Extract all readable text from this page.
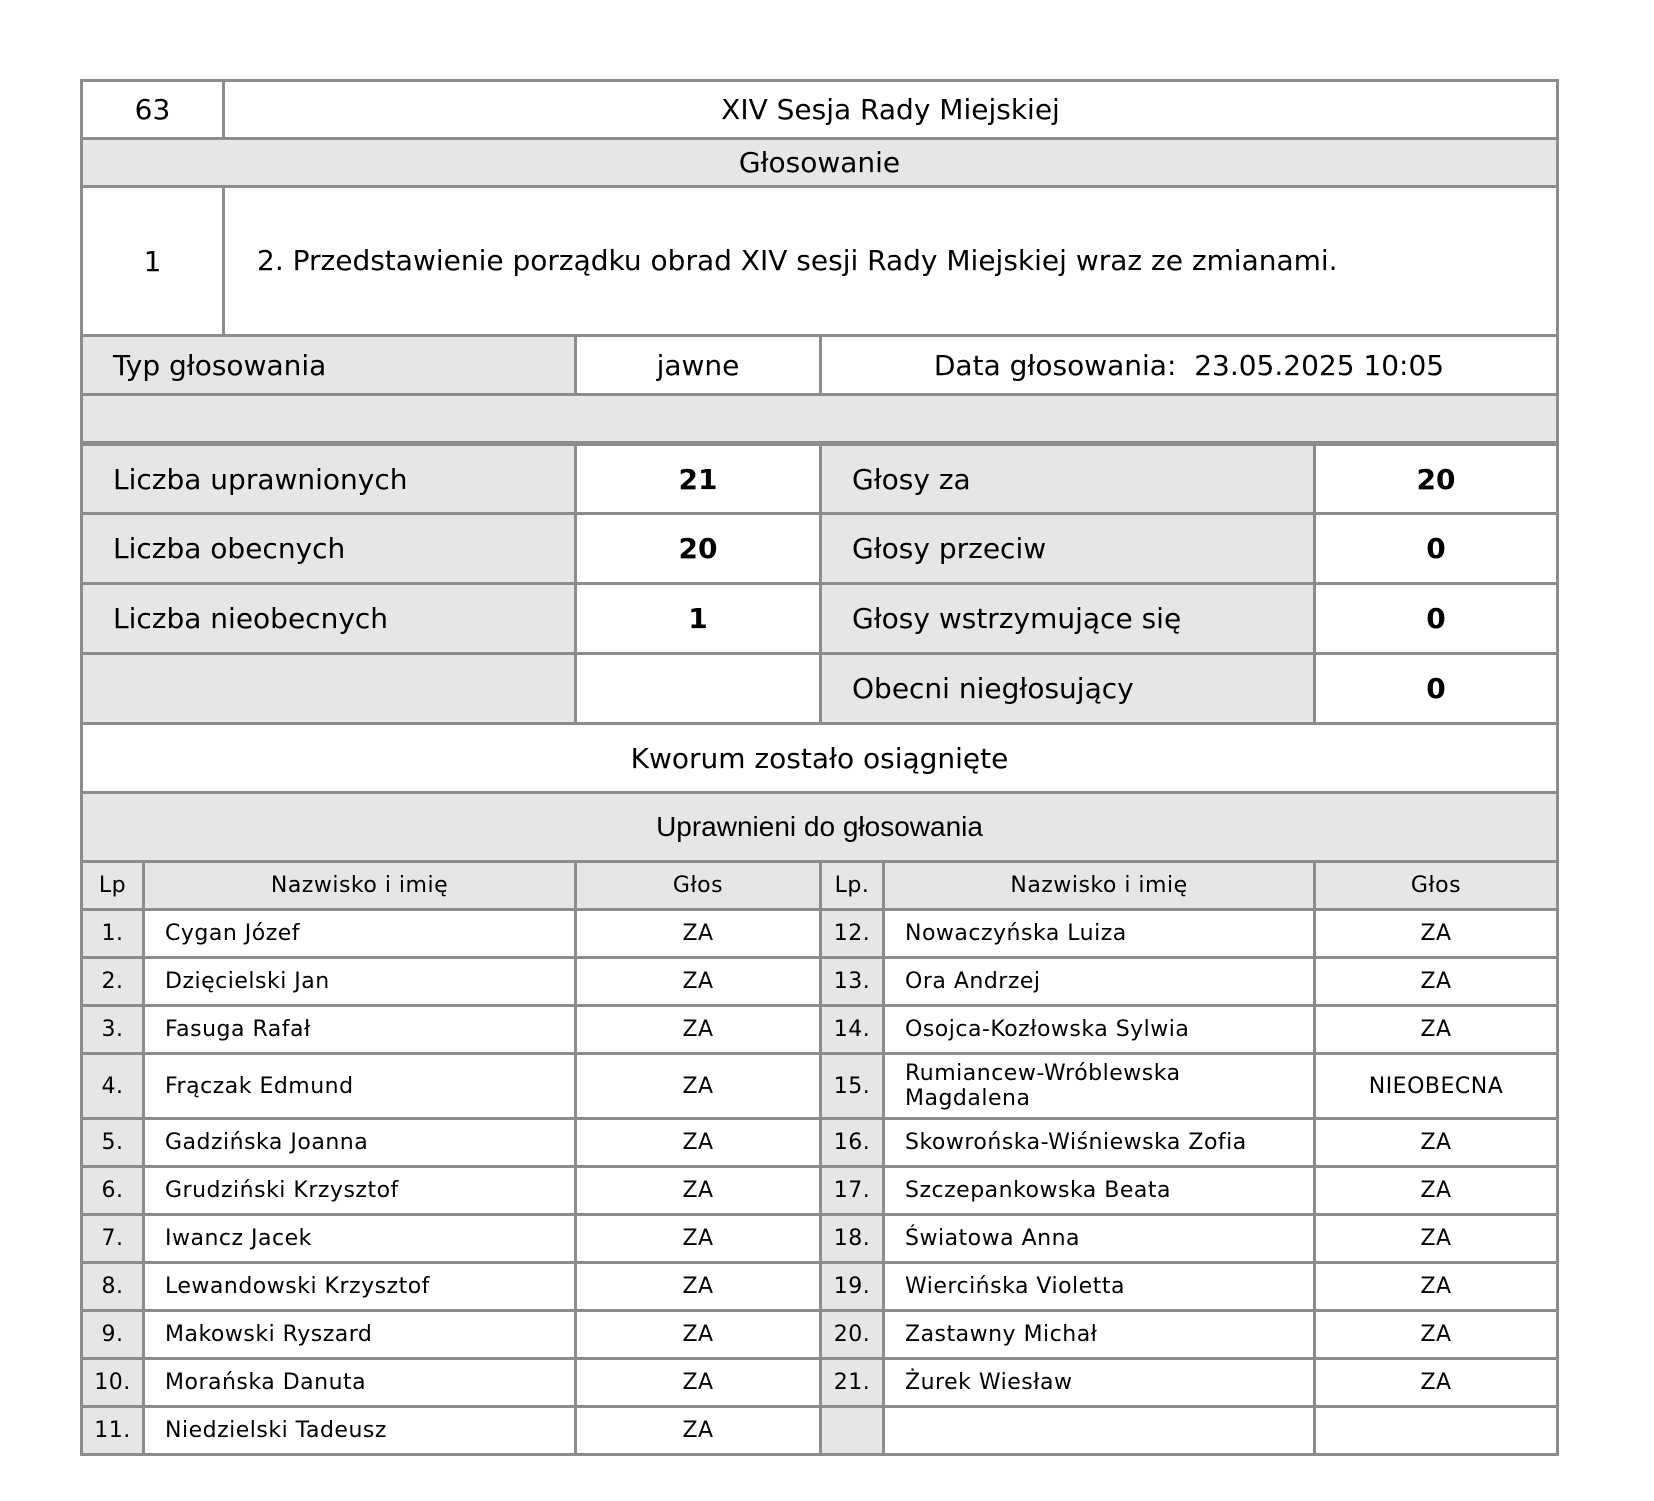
63	XIV Sesja Rady Miejskiej
Głosowanie	
1	2. Przedstawienie porządku obrad XIV sesji Rady Miejskiej wraz ze zmianami.
Typ głosowania	jawne	Data głosowania: 23.05.2025 10:05

Liczba uprawnionych	21	Głosy za	20
Liczba obecnych	20	Głosy przeciw	0
Liczba nieobecnych	1	Głosy wstrzymujące się	0
		Obecni niegłosujący	0
Kworum zostało osiągnięte			
Uprawnieni do głosowania			
Lp	Nazwisko i imię	Głos	Lp.	Nazwisko i imię	Głos
1.	Cygan Józef	ZA	12.	Nowaczyńska Luiza	ZA
2.	Dzięcielski Jan	ZA	13.	Ora Andrzej	ZA
3.	Fasuga Rafał	ZA	14.	Osojca-Kozłowska Sylwia	ZA
4.	Frączak Edmund	ZA	15.	Rumiancew-Wróblewska Magdalena	NIEOBECNA
5.	Gadzińska Joanna	ZA	16.	Skowrońska-Wiśniewska Zofia	ZA
6.	Grudziński Krzysztof	ZA	17.	Szczepankowska Beata	ZA
7.	Iwancz Jacek	ZA	18.	Światowa Anna	ZA
8.	Lewandowski Krzysztof	ZA	19.	Wiercińska Violetta	ZA
9.	Makowski Ryszard	ZA	20.	Zastawny Michał	ZA
10.	Morańska Danuta	ZA	21.	Żurek Wiesław	ZA
11.	Niedzielski Tadeusz	ZA			
